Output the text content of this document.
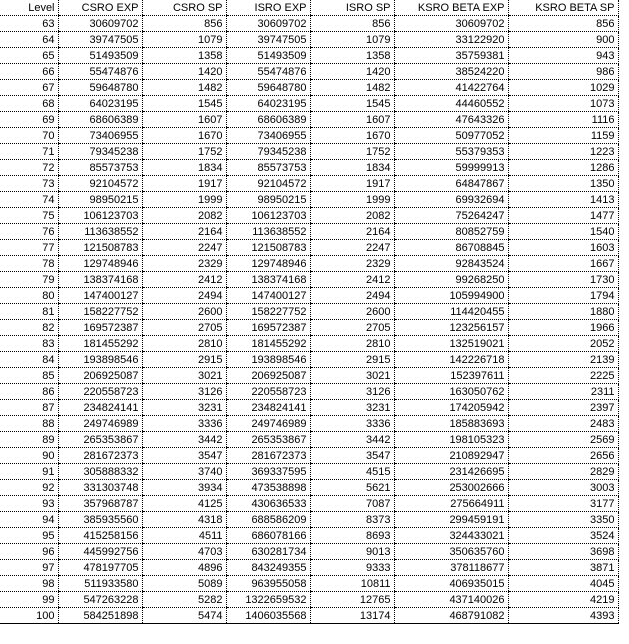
Level	CSRO EXP	CSRO SP	ISRO EXP	ISRO SP	KSRO BETA EXP	KSRO BETA SP
63	30609702	856	30609702	856	30609702	856
64	39747505	1079	39747505	1079	33122920	900
65	51493509	1358	51493509	1358	35759381	943
66	55474876	1420	55474876	1420	38524220	986
67	59648780	1482	59648780	1482	41422764	1029
68	64023195	1545	64023195	1545	44460552	1073
69	68606389	1607	68606389	1607	47643326	1116
70	73406955	1670	73406955	1670	50977052	1159
71	79345238	1752	79345238	1752	55379353	1223
72	85573753	1834	85573753	1834	59999913	1286
73	92104572	1917	92104572	1917	64847867	1350
74	98950215	1999	98950215	1999	69932694	1413
75	106123703	2082	106123703	2082	75264247	1477
76	113638552	2164	113638552	2164	80852759	1540
77	121508783	2247	121508783	2247	86708845	1603
78	129748946	2329	129748946	2329	92843524	1667
79	138374168	2412	138374168	2412	99268250	1730
80	147400127	2494	147400127	2494	105994900	1794
81	158227752	2600	158227752	2600	114420455	1880
82	169572387	2705	169572387	2705	123256157	1966
83	181455292	2810	181455292	2810	132519021	2052
84	193898546	2915	193898546	2915	142226718	2139
85	206925087	3021	206925087	3021	152397611	2225
86	220558723	3126	220558723	3126	163050762	2311
87	234824141	3231	234824141	3231	174205942	2397
88	249746989	3336	249746989	3336	185883693	2483
89	265353867	3442	265353867	3442	198105323	2569
90	281672373	3547	281672373	3547	210892947	2656
91	305888332	3740	369337595	4515	231426695	2829
92	331303748	3934	473538898	5621	253002666	3003
93	357968787	4125	430636533	7087	275664911	3177
94	385935560	4318	688586209	8373	299459191	3350
95	415258156	4511	686078166	8693	324433021	3524
96	445992756	4703	630281734	9013	350635760	3698
97	478197705	4896	843249355	9333	378118677	3871
98	511933580	5089	963955058	10811	406935015	4045
99	547263228	5282	1322659532	12765	437140026	4219
100	584251898	5474	1406035568	13174	468791082	4393
